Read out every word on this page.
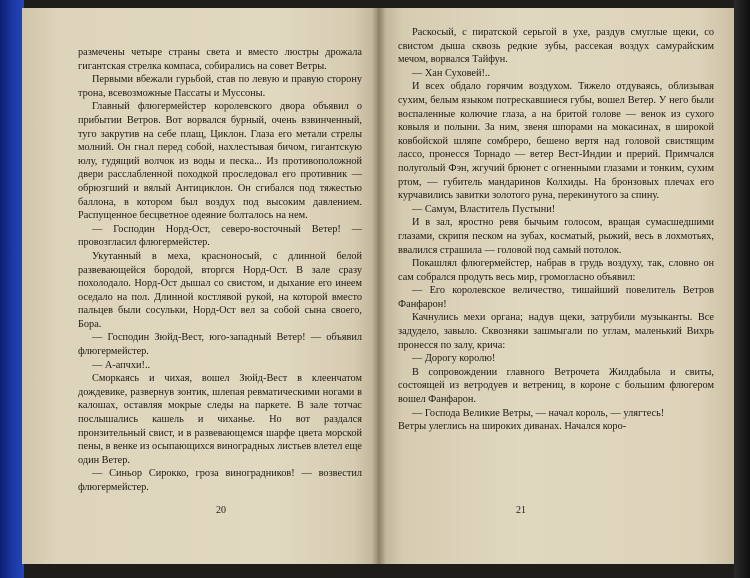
размечены четыре страны света и вместо люстры дрожала гигантская стрелка компаса, собирались на совет Ветры.

Первыми вбежали гурьбой, став по левую и правую сторону трона, всевозможные Пассаты и Муссоны.

Главный флюгермейстер королевского двора объявил о прибытии Ветров. Вот ворвался бурный, очень взвинченный, туго закрутив на себе плащ, Циклон. Глаза его метали стрелы молний. Он гнал перед собой, нахлестывая бичом, гигантскую юлу, гудящий волчок из воды и песка... Из противоположной двери расслабленной походкой проследовал его противник — обрюзгший и вялый Антициклон. Он сгибался под тяжестью баллона, в котором был воздух под высоким давлением. Распущенное бесцветное одеяние болталось на нем.

— Господин Норд-Ост, северо-восточный Ветер! — провозгласил флюгермейстер.

Укутанный в меха, красноносый, с длинной белой развевающейся бородой, вторгся Норд-Ост. В зале сразу похолодало. Норд-Ост дышал со свистом, и дыхание его инеем оседало на пол. Длинной костлявой рукой, на которой вместо пальцев были сосульки, Норд-Ост вел за собой сына своего, Бора.

— Господин Зюйд-Вест, юго-западный Ветер! — объявил флюгермейстер.

— А-апчхи!..

Сморкаясь и чихая, вошел Зюйд-Вест в клеенчатом дождевике, развернув зонтик, шлепая ревматическими ногами в калошах, оставляя мокрые следы на паркете. В зале тотчас послышались кашель и чиханье. Но вот раздался пронзительный свист, и в развевающемся шарфе цвета морской пены, в венке из осыпающихся виноградных листьев влетел еще один Ветер.

— Синьор Сирокко, гроза виноградников! — возвестил флюгермейстер.

20

Раскосый, с пиратской серьгой в ухе, раздув смуглые щеки, со свистом дыша сквозь редкие зубы, рассекая воздух самурайским мечом, ворвался Тайфун.

— Хан Суховей!..

И всех обдало горячим воздухом. Тяжело отдуваясь, облизывая сухим, белым языком потрескавшиеся губы, вошел Ветер. У него были воспаленные колючие глаза, а на бритой голове — венок из сухого ковыля и полыни. За ним, звеня шпорами на мокасинах, в широкой ковбойской шляпе сомбреро, бешено вертя над головой свистящим лассо, пронесся Торнадо — ветер Вест-Индии и прерий. Примчался полуголый Фэн, жгучий брюнет с огненными глазами и тонким, сухим ртом, — губитель мандаринов Колхиды. На бронзовых плечах его курчавились завитки золотого руна, перекинутого за спину.

— Самум, Властитель Пустыни!

И в зал, яростно ревя бычьим голосом, вращая сумасшедшими глазами, скрипя песком на зубах, косматый, рыжий, весь в лохмотьях, ввалился страшила — головой под самый потолок.

Покашлял флюгермейстер, набрав в грудь воздуху, так, словно он сам собрался продуть весь мир, громогласно объявил:

— Его королевское величество, тишайший повелитель Ветров Фанфарон!

Качнулись мехи органа; надув щеки, затрубили музыканты. Все задудело, завыло. Сквозняки зашмыгали по углам, маленький Вихрь пронесся по залу, крича:

— Дорогу королю!

В сопровождении главного Ветрочета Жилдабыла и свиты, состоящей из ветродуев и ветрениц, в короне с большим флюгером вошел Фанфарон.

— Господа Великие Ветры, — начал король, — улягтесь!

Ветры улеглись на широких диванах. Начался коро-

21
